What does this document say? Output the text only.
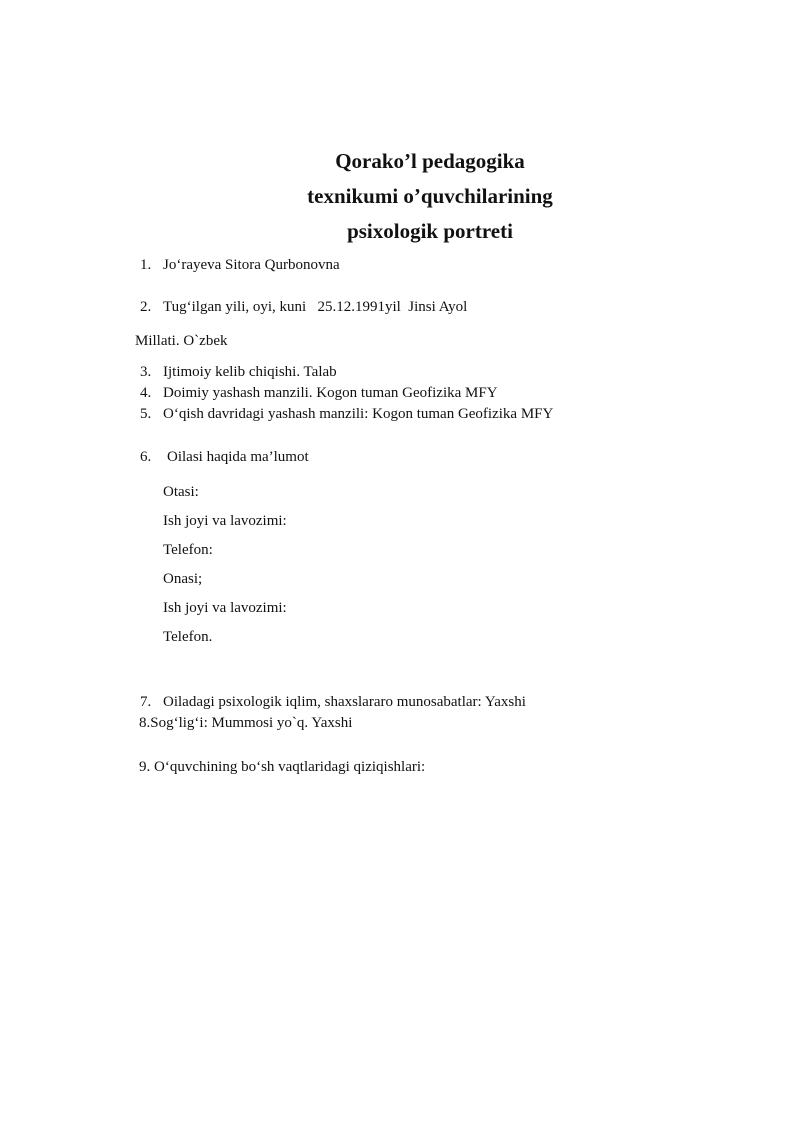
Qorako’l pedagogika
texnikumi o’quvchilarining
psixologik portreti
1. Jo‘rayeva Sitora Qurbonovna
2. Tug‘ilgan yili, oyi, kuni   25.12.1991yil  Jinsi Ayol
Millati. O`zbek
3. Ijtimoiy kelib chiqishi. Talab
4. Doimiy yashash manzili. Kogon tuman Geofizika MFY
5. O‘qish davridagi yashash manzili: Kogon tuman Geofizika MFY
6. Oilasi haqida ma’lumot
Otasi:
Ish joyi va lavozimi:
Telefon:
Onasi;
Ish joyi va lavozimi:
Telefon.
7. Oiladagi psixologik iqlim, shaxslararo munosabatlar: Yaxshi
8.Sog‘lig‘i: Mummosi yo`q. Yaxshi
9. O‘quvchining bo‘sh vaqtlaridagi qiziqishlari:
